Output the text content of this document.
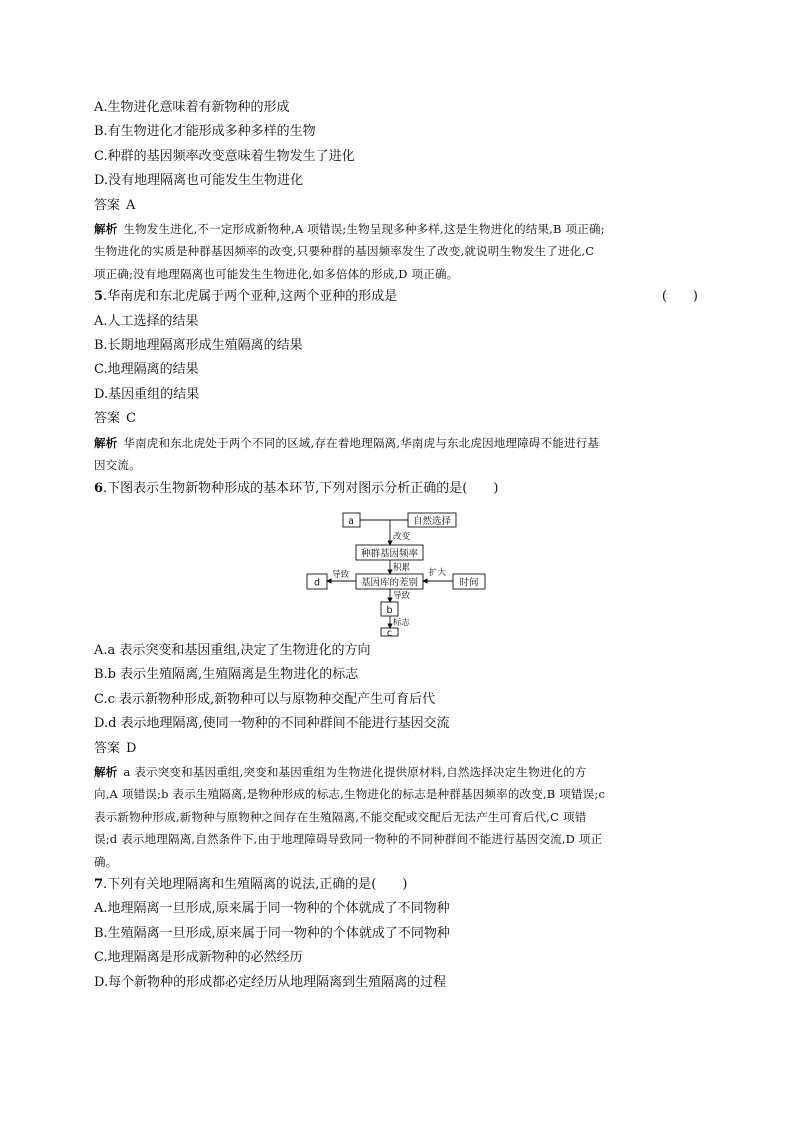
A.生物进化意味着有新物种的形成
B.有生物进化才能形成多种多样的生物
C.种群的基因频率改变意味着生物发生了进化
D.没有地理隔离也可能发生生物进化
答案 A
解析 生物发生进化,不一定形成新物种,A 项错误;生物呈现多种多样,这是生物进化的结果,B 项正确;
生物进化的实质是种群基因频率的改变,只要种群的基因频率发生了改变,就说明生物发生了进化,C
项正确;没有地理隔离也可能发生生物进化,如多倍体的形成,D 项正确。
5.华南虎和东北虎属于两个亚种,这两个亚种的形成是	(　　)
A.人工选择的结果
B.长期地理隔离形成生殖隔离的结果
C.地理隔离的结果
D.基因重组的结果
答案 C
解析 华南虎和东北虎处于两个不同的区域,存在着地理隔离,华南虎与东北虎因地理障碍不能进行基
因交流。
6.下图表示生物新物种形成的基本环节,下列对图示分析正确的是(　　)
a	自然选择
改变
种群基因频率
积累
基因库的差别
d
导致	扩大
时间
导致
b
标志
c
A.a 表示突变和基因重组,决定了生物进化的方向
B.b 表示生殖隔离,生殖隔离是生物进化的标志
C.c 表示新物种形成,新物种可以与原物种交配产生可育后代
D.d 表示地理隔离,使同一物种的不同种群间不能进行基因交流
答案 D
解析 a 表示突变和基因重组,突变和基因重组为生物进化提供原材料,自然选择决定生物进化的方
向,A 项错误;b 表示生殖隔离,是物种形成的标志,生物进化的标志是种群基因频率的改变,B 项错误;c
表示新物种形成,新物种与原物种之间存在生殖隔离,不能交配或交配后无法产生可育后代,C 项错
误;d 表示地理隔离,自然条件下,由于地理障碍导致同一物种的不同种群间不能进行基因交流,D 项正
确。
7.下列有关地理隔离和生殖隔离的说法,正确的是(　　)
A.地理隔离一旦形成,原来属于同一物种的个体就成了不同物种
B.生殖隔离一旦形成,原来属于同一物种的个体就成了不同物种
C.地理隔离是形成新物种的必然经历
D.每个新物种的形成都必定经历从地理隔离到生殖隔离的过程
